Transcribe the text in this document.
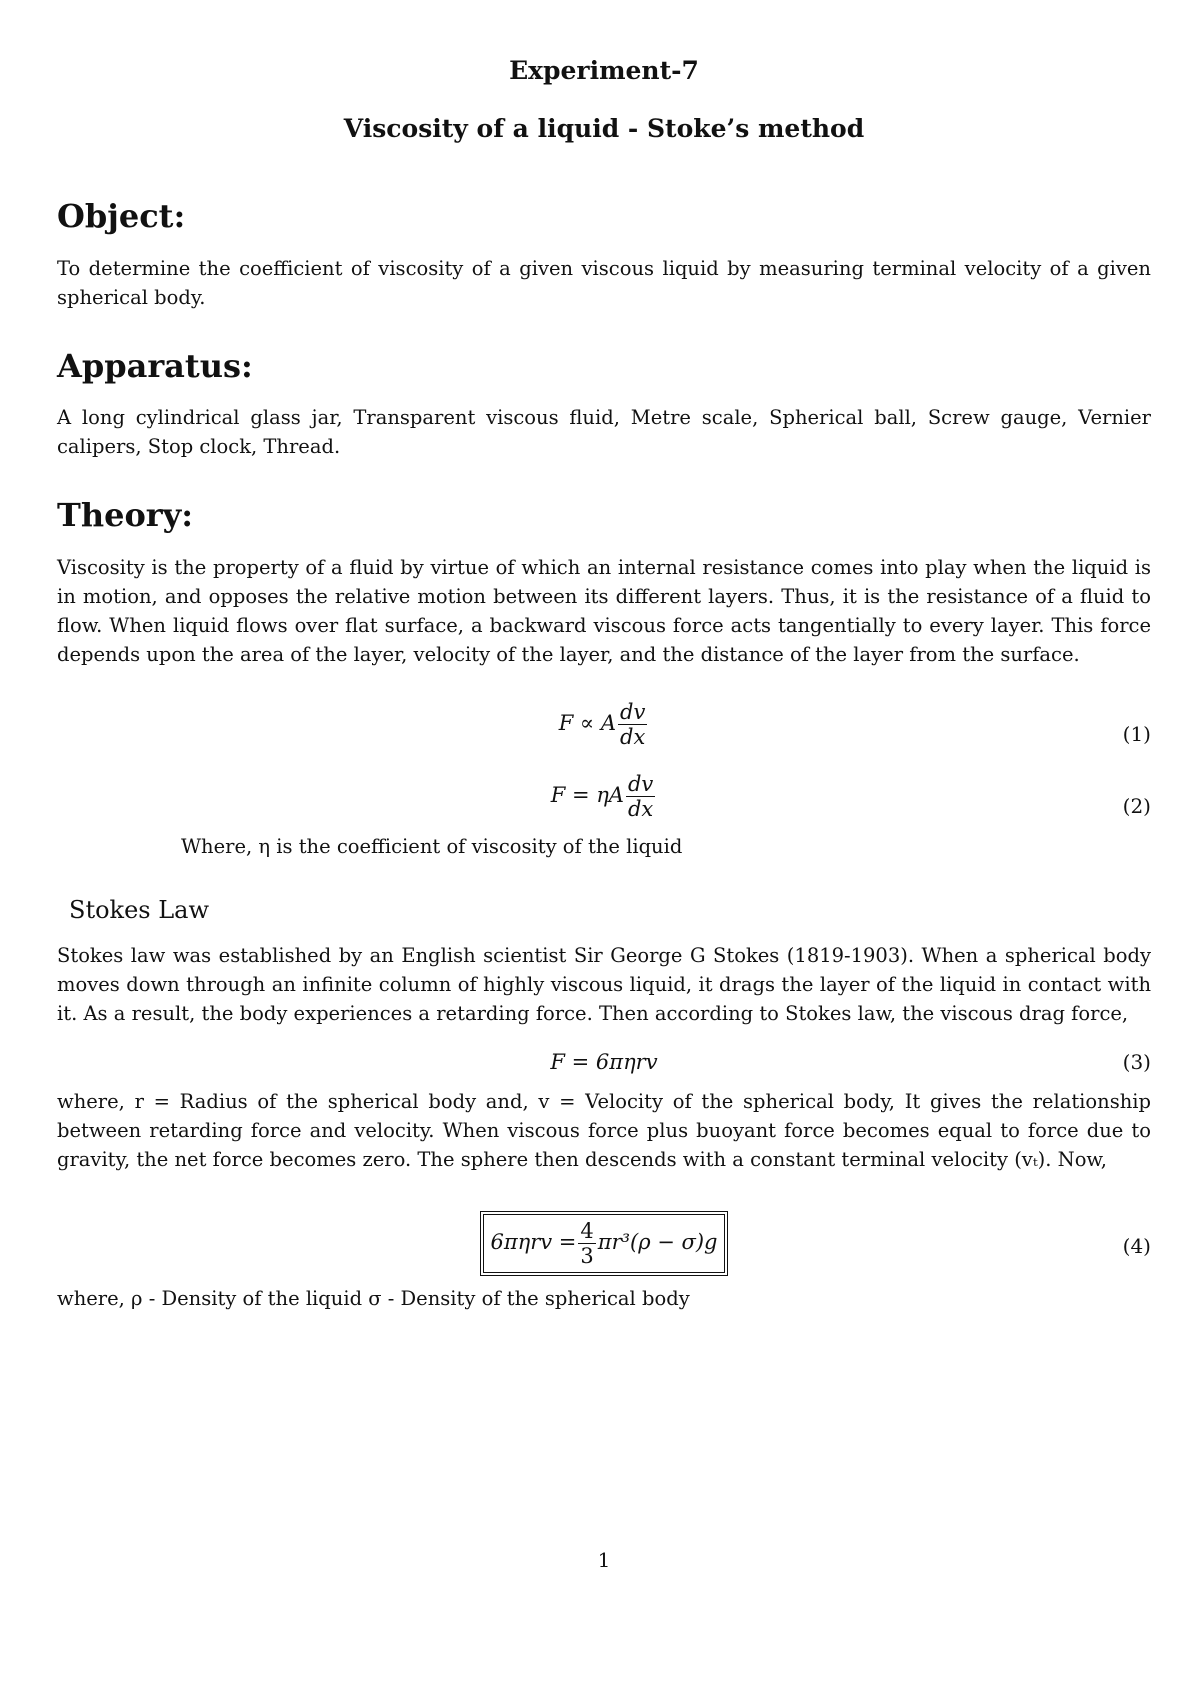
Experiment-7
Viscosity of a liquid - Stoke’s method
Object:

To determine the coefficient of viscosity of a given viscous liquid by measuring terminal velocity of a given spherical body.

Apparatus:

A long cylindrical glass jar, Transparent viscous fluid, Metre scale, Spherical ball, Screw gauge, Vernier calipers, Stop clock, Thread.

Theory:

Viscosity is the property of a fluid by virtue of which an internal resistance comes into play when the liquid is in motion, and opposes the relative motion between its different layers. Thus, it is the resistance of a fluid to flow. When liquid flows over flat surface, a backward viscous force acts tangentially to every layer. This force depends upon the area of the layer, velocity of the layer, and the distance of the layer from the surface.

F ∝ A $\frac{dv}{dx}$	(1)
F = ηA $\frac{dv}{dx}$	(2)
Where, η is the coefficient of viscosity of the liquid
Stokes Law

Stokes law was established by an English scientist Sir George G Stokes (1819-1903). When a spherical body moves down through an infinite column of highly viscous liquid, it drags the layer of the liquid in contact with it. As a result, the body experiences a retarding force. Then according to Stokes law, the viscous drag force,

F = 6πηrv	(3)

where, r = Radius of the spherical body and, v = Velocity of the spherical body, It gives the relationship between retarding force and velocity. When viscous force plus buoyant force becomes equal to force due to gravity, the net force becomes zero. The sphere then descends with a constant terminal velocity (vₜ). Now,

$6\pi\eta rv = \frac{4}{3} \pi r^3(\rho - \sigma)g$	(4)
where, ρ - Density of the liquid σ - Density of the spherical body
1
